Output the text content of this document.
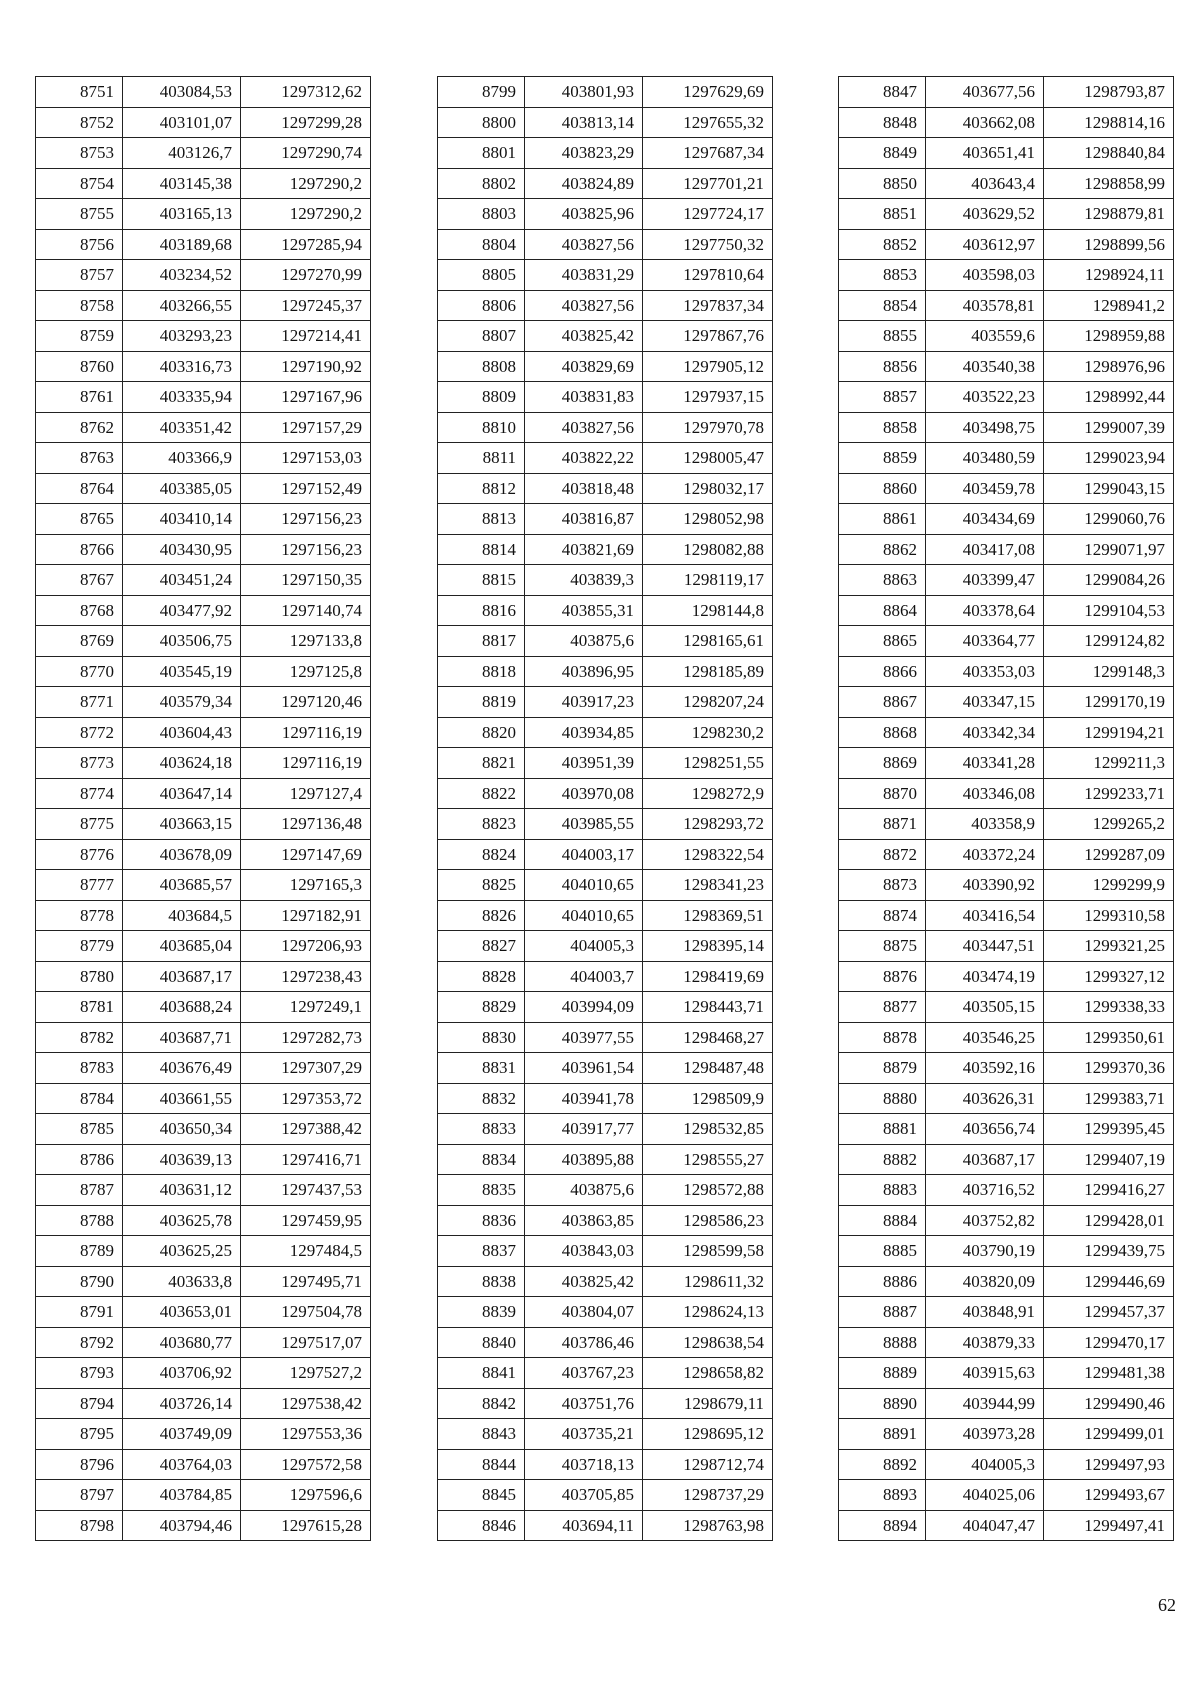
8751	403084,53	1297312,62
8752	403101,07	1297299,28
8753	403126,7	1297290,74
8754	403145,38	1297290,2
8755	403165,13	1297290,2
8756	403189,68	1297285,94
8757	403234,52	1297270,99
8758	403266,55	1297245,37
8759	403293,23	1297214,41
8760	403316,73	1297190,92
8761	403335,94	1297167,96
8762	403351,42	1297157,29
8763	403366,9	1297153,03
8764	403385,05	1297152,49
8765	403410,14	1297156,23
8766	403430,95	1297156,23
8767	403451,24	1297150,35
8768	403477,92	1297140,74
8769	403506,75	1297133,8
8770	403545,19	1297125,8
8771	403579,34	1297120,46
8772	403604,43	1297116,19
8773	403624,18	1297116,19
8774	403647,14	1297127,4
8775	403663,15	1297136,48
8776	403678,09	1297147,69
8777	403685,57	1297165,3
8778	403684,5	1297182,91
8779	403685,04	1297206,93
8780	403687,17	1297238,43
8781	403688,24	1297249,1
8782	403687,71	1297282,73
8783	403676,49	1297307,29
8784	403661,55	1297353,72
8785	403650,34	1297388,42
8786	403639,13	1297416,71
8787	403631,12	1297437,53
8788	403625,78	1297459,95
8789	403625,25	1297484,5
8790	403633,8	1297495,71
8791	403653,01	1297504,78
8792	403680,77	1297517,07
8793	403706,92	1297527,2
8794	403726,14	1297538,42
8795	403749,09	1297553,36
8796	403764,03	1297572,58
8797	403784,85	1297596,6
8798	403794,46	1297615,28
8799	403801,93	1297629,69
8800	403813,14	1297655,32
8801	403823,29	1297687,34
8802	403824,89	1297701,21
8803	403825,96	1297724,17
8804	403827,56	1297750,32
8805	403831,29	1297810,64
8806	403827,56	1297837,34
8807	403825,42	1297867,76
8808	403829,69	1297905,12
8809	403831,83	1297937,15
8810	403827,56	1297970,78
8811	403822,22	1298005,47
8812	403818,48	1298032,17
8813	403816,87	1298052,98
8814	403821,69	1298082,88
8815	403839,3	1298119,17
8816	403855,31	1298144,8
8817	403875,6	1298165,61
8818	403896,95	1298185,89
8819	403917,23	1298207,24
8820	403934,85	1298230,2
8821	403951,39	1298251,55
8822	403970,08	1298272,9
8823	403985,55	1298293,72
8824	404003,17	1298322,54
8825	404010,65	1298341,23
8826	404010,65	1298369,51
8827	404005,3	1298395,14
8828	404003,7	1298419,69
8829	403994,09	1298443,71
8830	403977,55	1298468,27
8831	403961,54	1298487,48
8832	403941,78	1298509,9
8833	403917,77	1298532,85
8834	403895,88	1298555,27
8835	403875,6	1298572,88
8836	403863,85	1298586,23
8837	403843,03	1298599,58
8838	403825,42	1298611,32
8839	403804,07	1298624,13
8840	403786,46	1298638,54
8841	403767,23	1298658,82
8842	403751,76	1298679,11
8843	403735,21	1298695,12
8844	403718,13	1298712,74
8845	403705,85	1298737,29
8846	403694,11	1298763,98
8847	403677,56	1298793,87
8848	403662,08	1298814,16
8849	403651,41	1298840,84
8850	403643,4	1298858,99
8851	403629,52	1298879,81
8852	403612,97	1298899,56
8853	403598,03	1298924,11
8854	403578,81	1298941,2
8855	403559,6	1298959,88
8856	403540,38	1298976,96
8857	403522,23	1298992,44
8858	403498,75	1299007,39
8859	403480,59	1299023,94
8860	403459,78	1299043,15
8861	403434,69	1299060,76
8862	403417,08	1299071,97
8863	403399,47	1299084,26
8864	403378,64	1299104,53
8865	403364,77	1299124,82
8866	403353,03	1299148,3
8867	403347,15	1299170,19
8868	403342,34	1299194,21
8869	403341,28	1299211,3
8870	403346,08	1299233,71
8871	403358,9	1299265,2
8872	403372,24	1299287,09
8873	403390,92	1299299,9
8874	403416,54	1299310,58
8875	403447,51	1299321,25
8876	403474,19	1299327,12
8877	403505,15	1299338,33
8878	403546,25	1299350,61
8879	403592,16	1299370,36
8880	403626,31	1299383,71
8881	403656,74	1299395,45
8882	403687,17	1299407,19
8883	403716,52	1299416,27
8884	403752,82	1299428,01
8885	403790,19	1299439,75
8886	403820,09	1299446,69
8887	403848,91	1299457,37
8888	403879,33	1299470,17
8889	403915,63	1299481,38
8890	403944,99	1299490,46
8891	403973,28	1299499,01
8892	404005,3	1299497,93
8893	404025,06	1299493,67
8894	404047,47	1299497,41
62
